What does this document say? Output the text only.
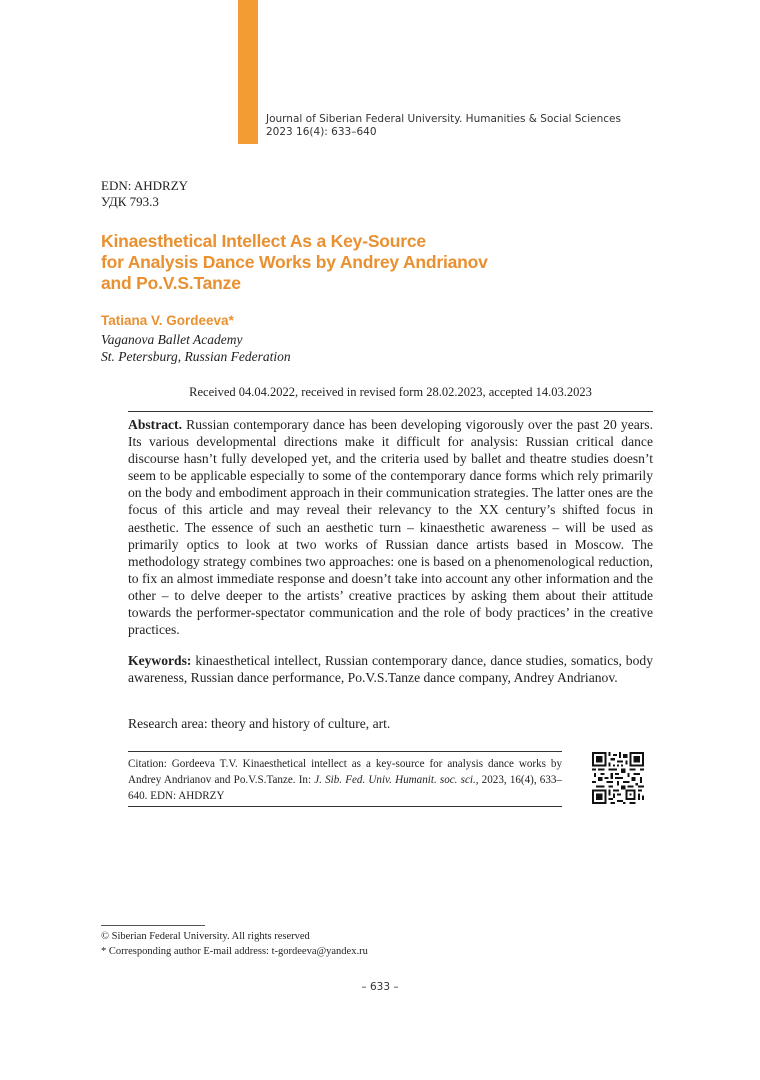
Journal of Siberian Federal University. Humanities & Social Sciences
2023 16(4): 633–640
EDN: AHDRZY
УДК 793.3
Kinaesthetical Intellect As a Key-Source
for Analysis Dance Works by Andrey Andrianov
and Po.V.S.Tanze
Tatiana V. Gordeeva*
Vaganova Ballet Academy
St. Petersburg, Russian Federation
Received 04.04.2022, received in revised form 28.02.2023, accepted 14.03.2023

Abstract. Russian contemporary dance has been developing vigorously over the past 20 years. Its various developmental directions make it difficult for analysis: Russian critical dance discourse hasn’t fully developed yet, and the criteria used by ballet and theatre studies doesn’t seem to be applicable especially to some of the contemporary dance forms which rely primarily on the body and embodiment approach in their communication strategies. The latter ones are the focus of this article and may reveal their relevancy to the XX century’s shifted focus in aesthetic. The essence of such an aesthetic turn – kinaesthetic awareness – will be used as primarily optics to look at two works of Russian dance artists based in Moscow. The methodology strategy combines two approaches: one is based on a phenomenological reduction, to fix an almost immediate response and doesn’t take into account any other information and the other – to delve deeper to the artists’ creative practices by asking them about their attitude towards the performer-spectator communication and the role of body practices’ in the creative practices.

Keywords: kinaesthetical intellect, Russian contemporary dance, dance studies, somatics, body awareness, Russian dance performance, Po.V.S.Tanze dance company, Andrey Andrianov.

Research area: theory and history of culture, art.

Citation: Gordeeva T.V. Kinaesthetical intellect as a key-source for analysis dance works by Andrey Andrianov and Po.V.S.Tanze. In: J. Sib. Fed. Univ. Humanit. soc. sci., 2023, 16(4), 633–640. EDN: AHDRZY

© Siberian Federal University. All rights reserved
* Corresponding author E-mail address: t-gordeeva@yandex.ru
– 633 –
